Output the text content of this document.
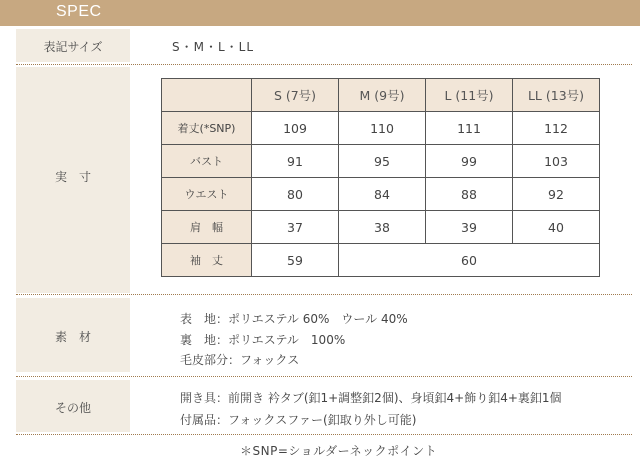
SPEC
表記サイズ	S・M・L・LL
実　寸
	S (7号)	M (9号)	L (11号)	LL (13号)
着丈(*SNP)	109	110	111	112
バスト	91	95	99	103
ウエスト	80	84	88	92
肩　幅	37	38	39	40
袖　丈	59	60		
素　材
表　地：ポリエステル 60%　ウール 40%
裏　地：ポリエステル　100%
毛皮部分：フォックス
その他
開き具：前開き 衿タブ(釦1+調整釦2個)、身頃釦4+飾り釦4+裏釦1個
付属品：フォックスファー(釦取り外し可能)
＊SNP=ショルダーネックポイント
